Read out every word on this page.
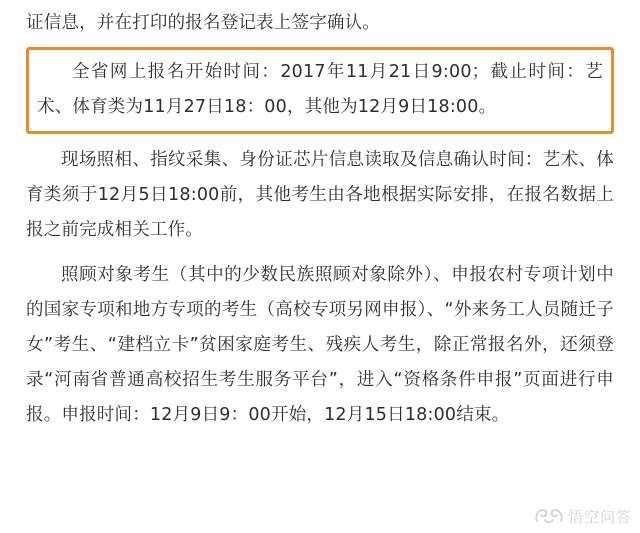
证信息，并在打印的报名登记表上签字确认。

全省网上报名开始时间：2017年11月21日9:00；截止时间：艺术、体育类为11月27日18：00，其他为12月9日18:00。

现场照相、指纹采集、身份证芯片信息读取及信息确认时间：艺术、体育类须于12月5日18:00前，其他考生由各地根据实际安排，在报名数据上报之前完成相关工作。

照顾对象考生（其中的少数民族照顾对象除外）、申报农村专项计划中的国家专项和地方专项的考生（高校专项另网申报）、“外来务工人员随迁子女”考生、“建档立卡”贫困家庭考生、残疾人考生，除正常报名外，还须登录“河南省普通高校招生考生服务平台”，进入“资格条件申报”页面进行申报。申报时间：12月9日9：00开始，12月15日18:00结束。

悟空问答
